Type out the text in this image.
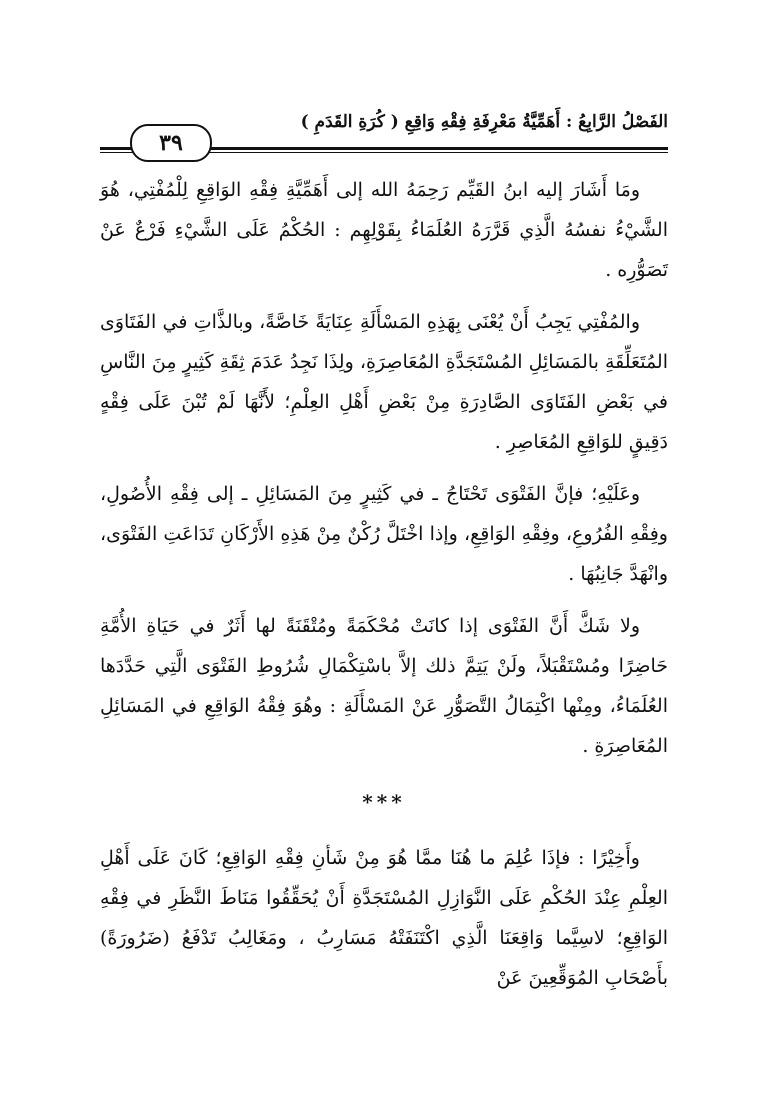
الفَصْلُ الرَّابِعُ : أَهَمِّيَّةُ مَعْرِفَةِ فِقْهِ وَاقِعِ ( كُرَةِ القَدَمِ )
٣٩

ومَا أَشَارَ إليه ابنُ القَيِّم رَحِمَهُ الله إلى أَهَمِّيَّةِ فِقْهِ الوَاقِعِ لِلْمُفْتِي، هُوَ الشَّيْءُ نفسُهُ الَّذِي قَرَّرَهُ العُلَمَاءُ بِقَوْلِهِم : الحُكْمُ عَلَى الشَّيْءِ فَرْعٌ عَنْ تَصَوُّرِه .

والمُفْتِي يَجِبُ أَنْ يُعْنَى بِهَذِهِ المَسْأَلَةِ عِنَايَةً خَاصَّةً، وبالذَّاتِ في الفَتَاوَى المُتَعَلِّقَةِ بالمَسَائِلِ المُسْتَجَدَّةِ المُعَاصِرَةِ، ولِذَا نَجِدُ عَدَمَ ثِقَةِ كَثِيرٍ مِنَ النَّاسِ في بَعْضِ الفَتَاوَى الصَّادِرَةِ مِنْ بَعْضِ أَهْلِ العِلْمِ؛ لأَنَّهَا لَمْ تُبْنَ عَلَى فِقْهٍ دَقِيقٍ للوَاقِعِ المُعَاصِرِ .

وعَلَيْهِ؛ فإنَّ الفَتْوَى تَحْتَاجُ ـ في كَثِيرٍ مِنَ المَسَائِلِ ـ إلى فِقْهِ الأُصُولِ، وفِقْهِ الفُرُوعِ، وفِقْهِ الوَاقِعِ، وإذا اخْتَلَّ رُكْنٌ مِنْ هَذِهِ الأَرْكَانِ تَدَاعَتِ الفَتْوَى، وانْهَدَّ جَانِبُهَا .

ولا شَكَّ أَنَّ الفَتْوَى إذا كانَتْ مُحْكَمَةً ومُتْقَنَةً لها أَثَرٌ في حَيَاةِ الأُمَّةِ حَاضِرًا ومُسْتَقْبَلاً، ولَنْ يَتِمَّ ذلك إلاَّ باسْتِكْمَالِ شُرُوطِ الفَتْوَى الَّتِي حَدَّدَها العُلَمَاءُ، ومِنْها اكْتِمَالُ التَّصَوُّرِ عَنْ المَسْأَلَةِ : وهُوَ فِقْهُ الوَاقِعِ في المَسَائِلِ المُعَاصِرَةِ .

***

وأَخِيْرًا : فإذَا عُلِمَ ما هُنَا ممَّا هُوَ مِنْ شَأنِ فِقْهِ الوَاقِعِ؛ كَانَ عَلَى أَهْلِ العِلْمِ عِنْدَ الحُكْمِ عَلَى النَّوَازِلِ المُسْتَجَدَّةِ أَنْ يُحَقِّقُوا مَنَاطَ النَّظَرِ في فِقْهِ الوَاقِعِ؛ لاسِيَّما وَاقِعَنَا الَّذِي اكْتَنَفَتْهُ مَسَارِبُ ، ومَغَالِبُ تَدْفَعُ (ضَرُورَةً) بأَصْحَابِ المُوَقِّعِينَ عَنْ
